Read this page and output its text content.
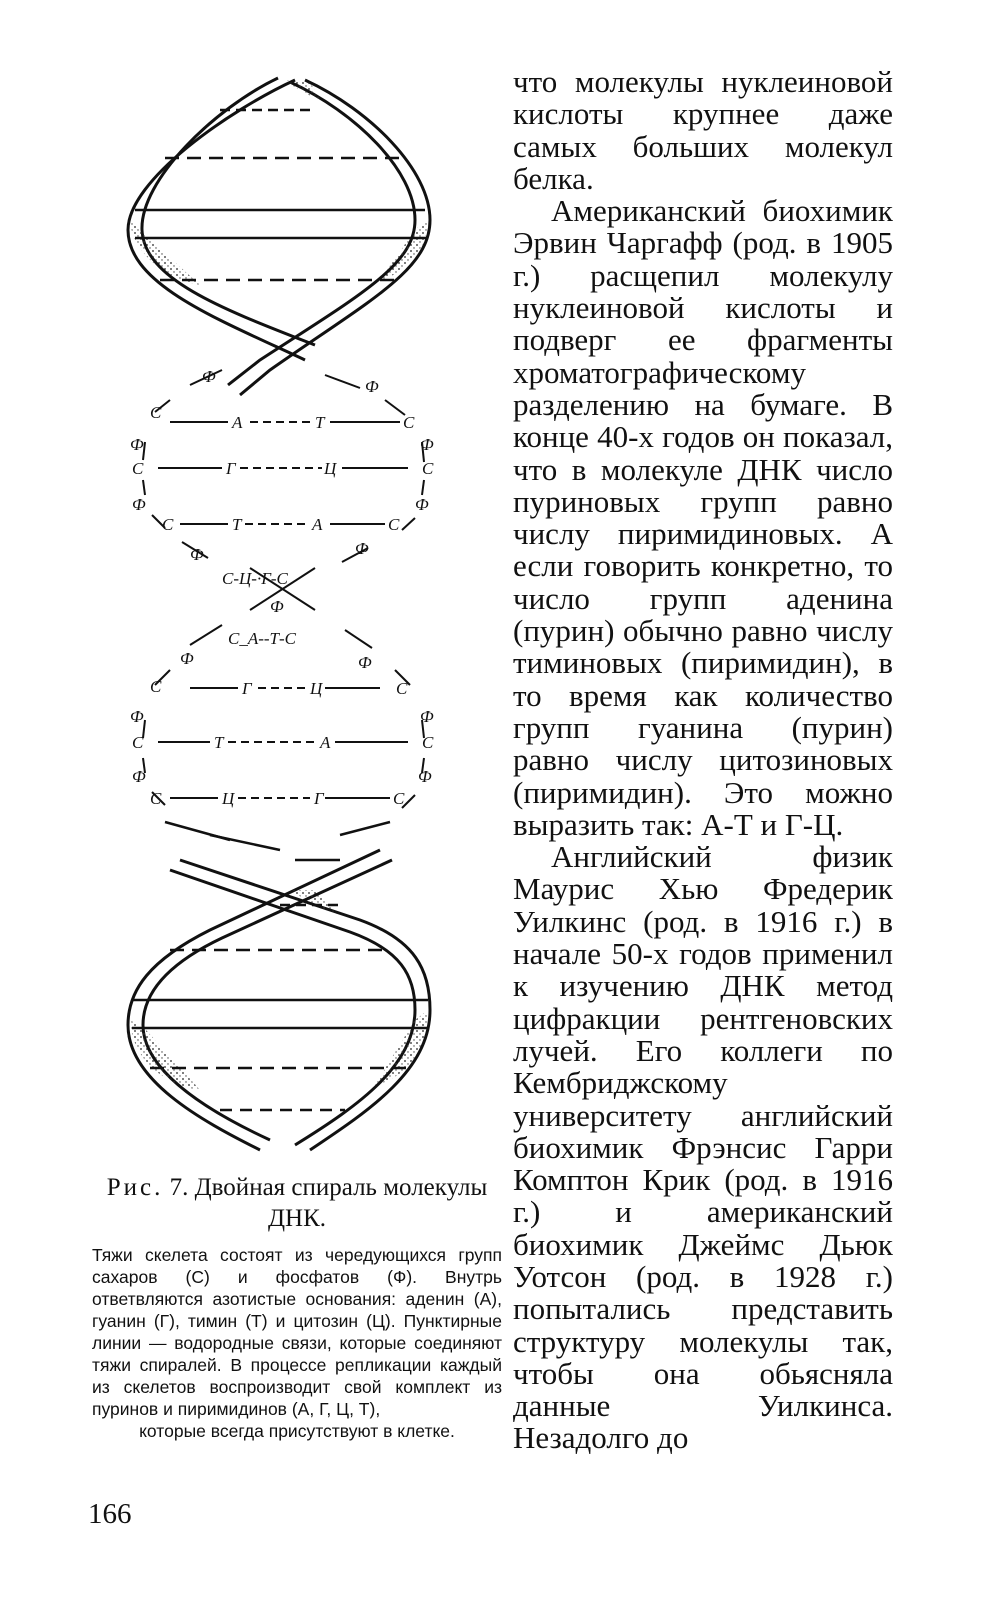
Ф
Ф
С
А	Т	С
Ф	Ф
С	Г	Ц	С
Ф	Ф
С	Т	А	С
Ф	Ф
С-Ц-·Г-С
Ф
С_А--Т-С
Ф	Ф
С	Г	Ц	С
Ф	Ф
С	Т	А	С
Ф	Ф
С	Ц	Г	С
Рис. 7. Двойная спираль молекулы ДНК.

Тяжи скелета состоят из чередующихся групп сахаров (С) и фосфатов (Ф). Внутрь ответвляются азотистые основания: аденин (А), гуанин (Г), тимин (Т) и цитозин (Ц). Пунктирные линии — водородные связи, которые соединяют тяжи спиралей. В процессе репликации каждый из скелетов воспроизводит свой комплект из пуринов и пиримидинов (А, Г, Ц, Т),

которые всегда присутствуют в клетке.

166

что молекулы нуклеиновой кислоты крупнее даже самых больших молекул белка.

Американский биохимик Эрвин Чаргафф (род. в 1905 г.) расщепил молекулу нуклеиновой кислоты и подверг ее фрагменты хроматографическому разделению на бумаге. В конце 40-х годов он показал, что в молекуле ДНК число пуриновых групп равно числу пиримидиновых. А если говорить конкретно, то число групп аденина (пурин) обычно равно числу тиминовых (пиримидин), в то время как количество групп гуанина (пурин) равно числу цитозиновых (пиримидин). Это можно выразить так: А-Т и Г-Ц.

Английский физик Маурис Хью Фредерик Уилкинс (род. в 1916 г.) в начале 50-х годов применил к изучению ДНК метод цифракции рентгеновских лучей. Его коллеги по Кембриджскому университету английский биохимик Фрэнсис Гарри Комптон Крик (род. в 1916 г.) и американский биохимик Джеймс Дьюк Уотсон (род. в 1928 г.) попытались представить структуру молекулы так, чтобы она обьясняла данные Уилкинса. Незадолго до
